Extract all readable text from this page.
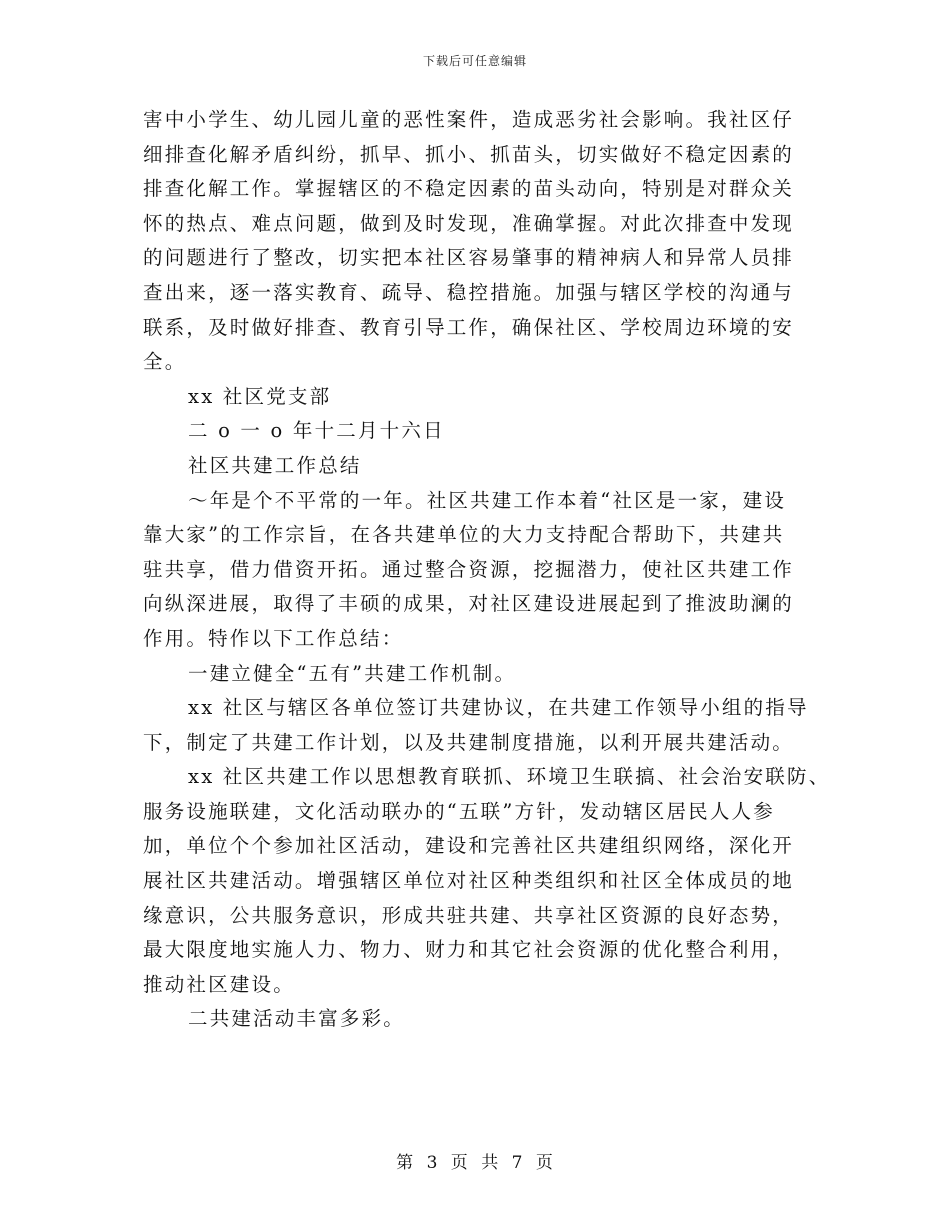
下载后可任意编辑
害中小学生、幼儿园儿童的恶性案件，造成恶劣社会影响。我社区仔
细排查化解矛盾纠纷，抓早、抓小、抓苗头，切实做好不稳定因素的
排查化解工作。掌握辖区的不稳定因素的苗头动向，特别是对群众关
怀的热点、难点问题，做到及时发现，准确掌握。对此次排查中发现
的问题进行了整改，切实把本社区容易肇事的精神病人和异常人员排
查出来，逐一落实教育、疏导、稳控措施。加强与辖区学校的沟通与
联系，及时做好排查、教育引导工作，确保社区、学校周边环境的安
全。
xx 社区党支部
二 o 一 o 年十二月十六日
社区共建工作总结
～年是个不平常的一年。社区共建工作本着“社区是一家，建设
靠大家”的工作宗旨，在各共建单位的大力支持配合帮助下，共建共
驻共享，借力借资开拓。通过整合资源，挖掘潜力，使社区共建工作
向纵深进展，取得了丰硕的成果，对社区建设进展起到了推波助澜的
作用。特作以下工作总结：
一建立健全“五有”共建工作机制。
xx 社区与辖区各单位签订共建协议，在共建工作领导小组的指导
下，制定了共建工作计划，以及共建制度措施，以利开展共建活动。
xx 社区共建工作以思想教育联抓、环境卫生联搞、社会治安联防、
服务设施联建，文化活动联办的“五联”方针，发动辖区居民人人参
加，单位个个参加社区活动，建设和完善社区共建组织网络，深化开
展社区共建活动。增强辖区单位对社区种类组织和社区全体成员的地
缘意识，公共服务意识，形成共驻共建、共享社区资源的良好态势，
最大限度地实施人力、物力、财力和其它社会资源的优化整合利用，
推动社区建设。
二共建活动丰富多彩。
第 3 页 共 7 页
